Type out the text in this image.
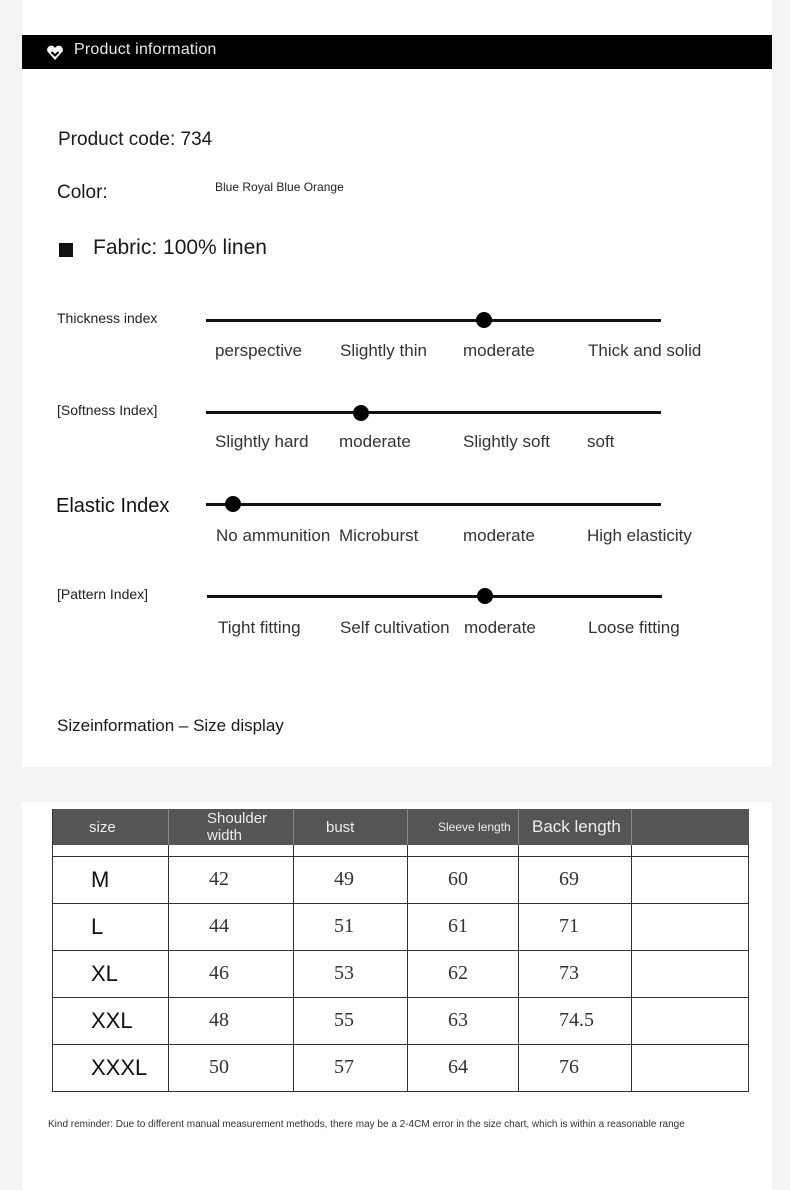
Product information
Product code: 734
Color:	Blue Royal Blue Orange
Fabric: 100% linen
Thickness index
perspective Slightly thin moderate	Thick and solid
[Softness Index]
Slightly hard moderate	Slightly soft soft
Elastic Index
No ammunition Microburst	moderate	High elasticity
[Pattern Index]
Tight fitting Self cultivation moderate	Loose fitting
Sizeinformation – Size display
size	Shoulder width	bust	Sleeve length	Back length	

M	42	49	60	69	
L	44	51	61	71	
XL	46	53	62	73	
XXL	48	55	63	74.5	
XXXL	50	57	64	76	
Kind reminder: Due to different manual measurement methods, there may be a 2-4CM error in the size chart, which is within a reasonable range
